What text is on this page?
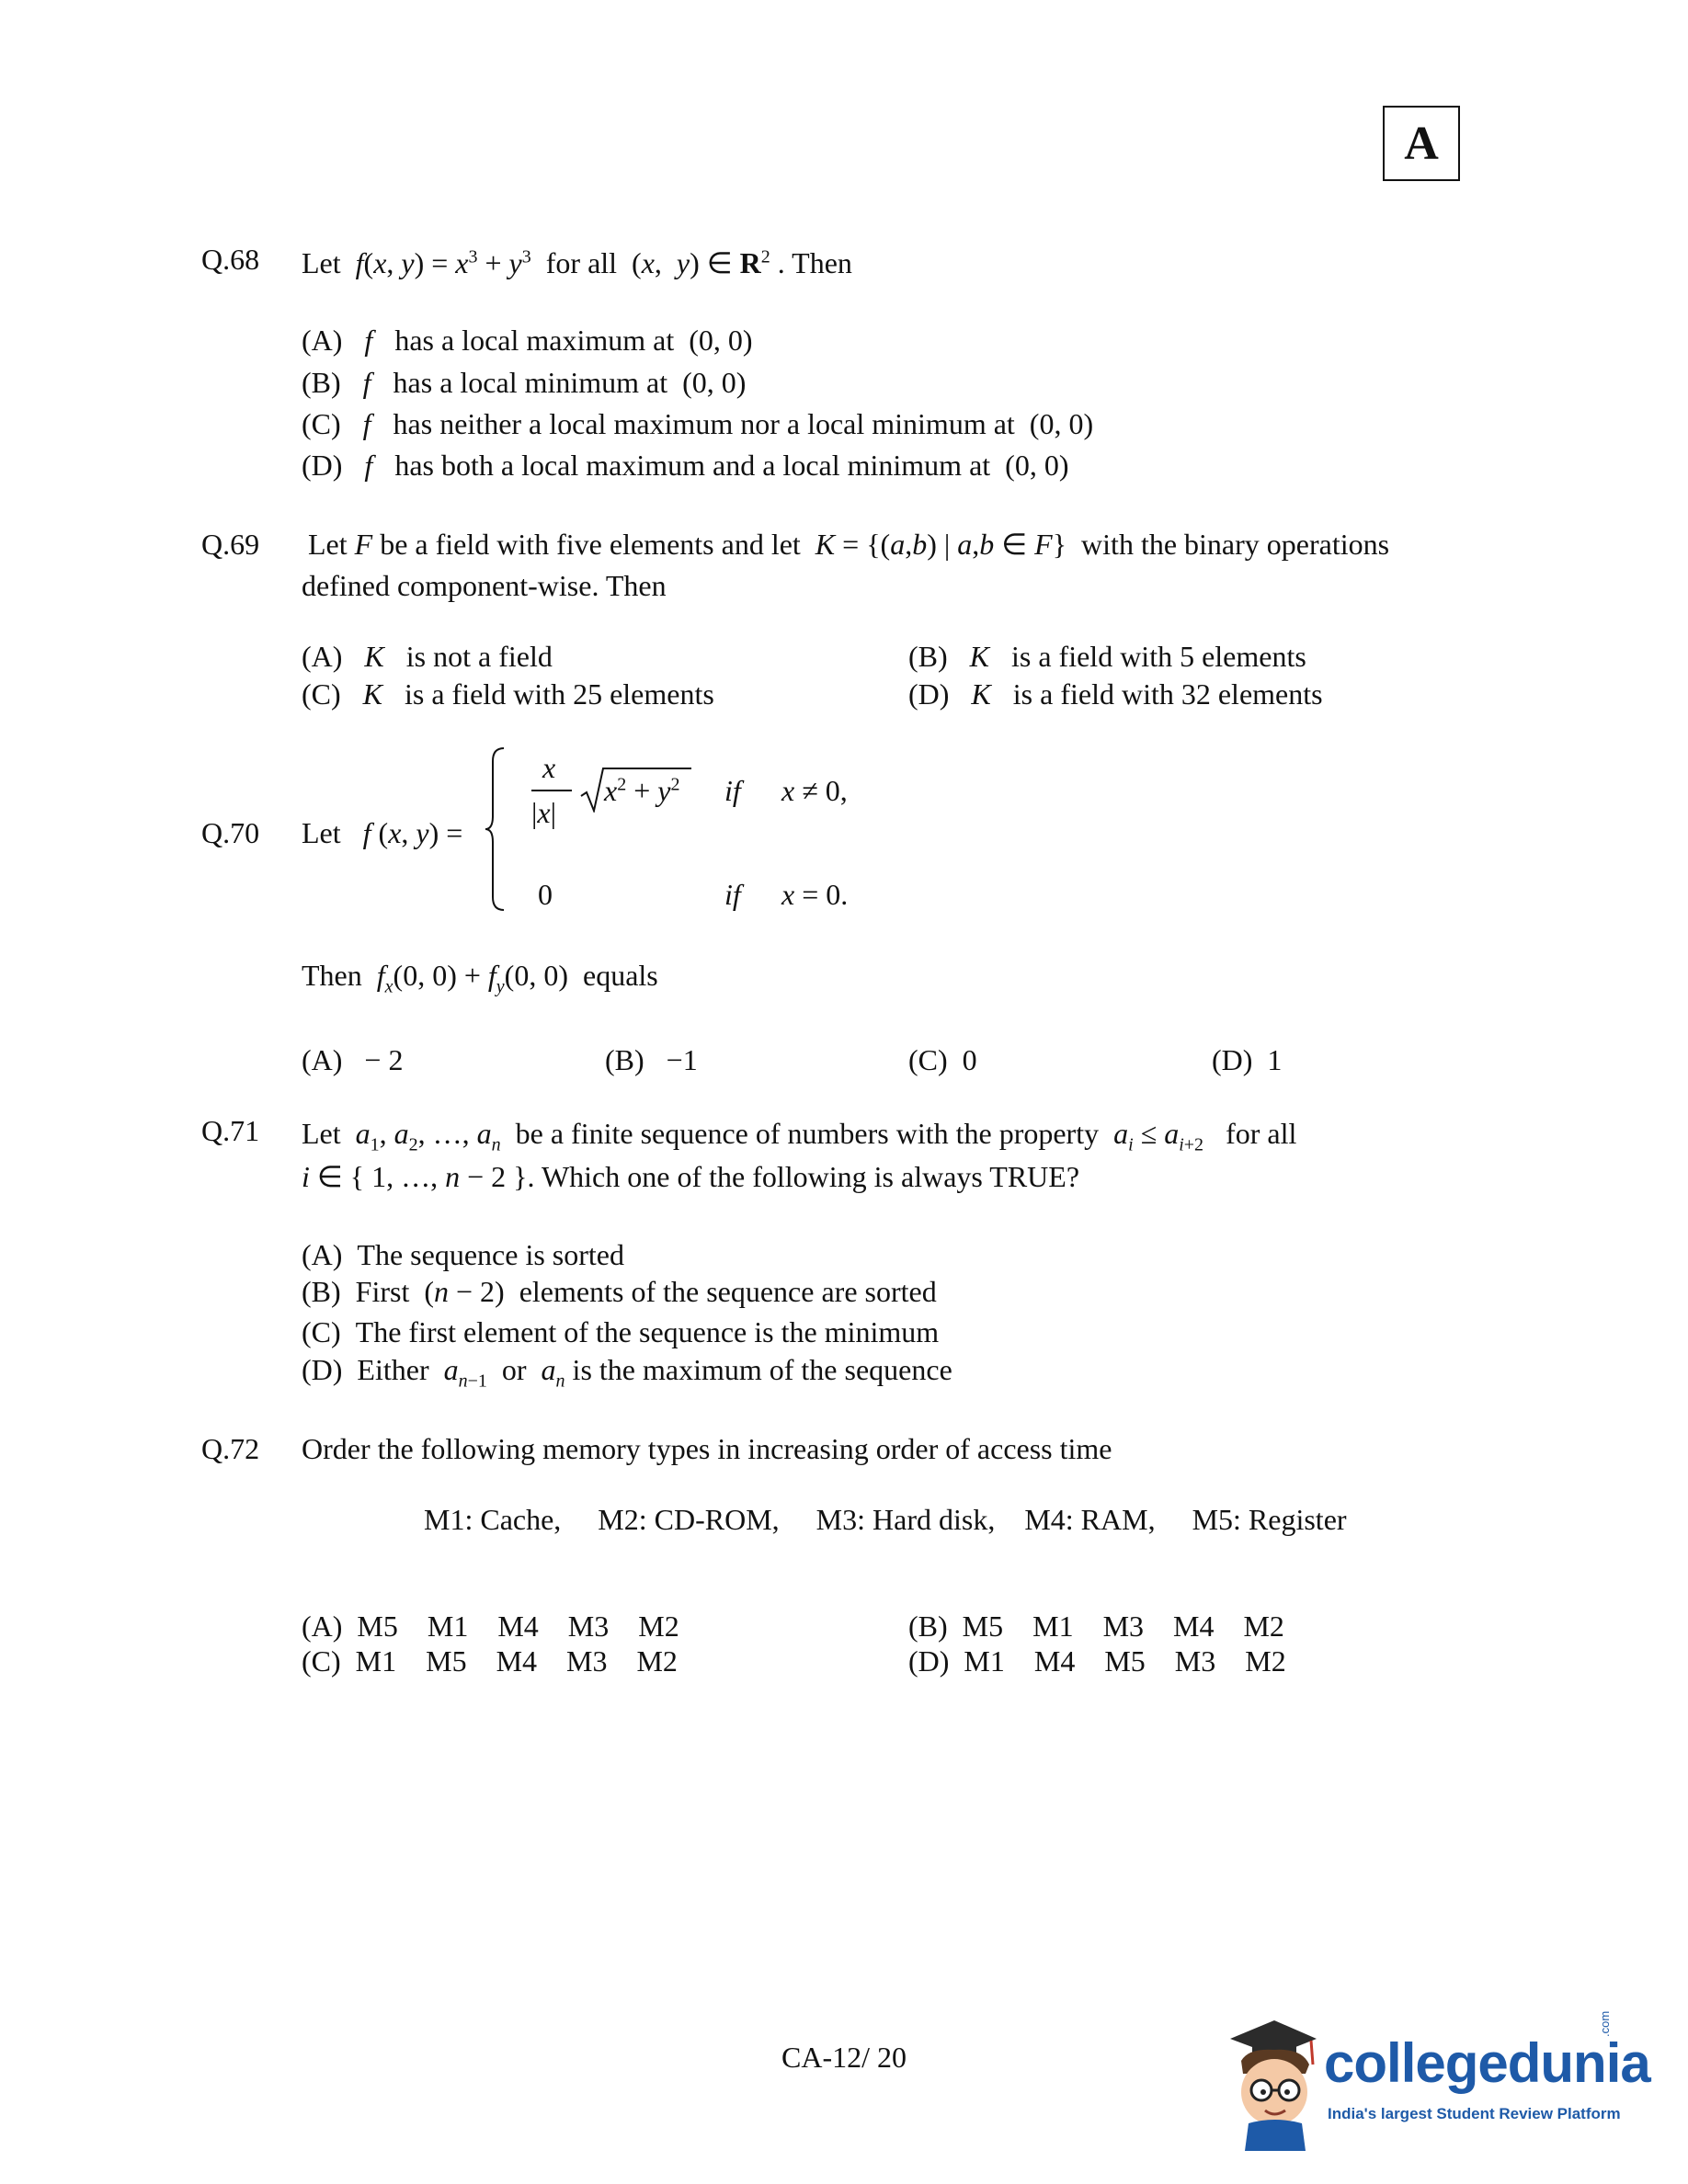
A
Q.68 Let  f(x, $y) = x^3 + y^3$  for all  (x,  y) ∈ $R^2$ . Then
(A)   f has a local maximum at  (0, 0)
(B)   f has a local minimum at  (0, 0)
(C)   f has neither a local maximum nor a local minimum at  (0, 0)
(D)   f has both a local maximum and a local minimum at  (0, 0)
Q.69 Let F be a field with five elements and let K = {(a,b) | a,b ∈ F}  with the binary operations
defined component-wise. Then
(A)   K is not a field	(B)   K is a field with 5 elements
(C)   K is a field with 25 elements	(D)   K is a field with 32 elements
Q.70 Let   f (x, y) =
x
|x|
$x^2 + y^2$ if x ≠ 0,
0	if x = 0.
Then $f_x(0$, $0) + f_y(0$, 0)  equals
(A)   − 2	(B)   −1	(C)  0	(D)  1
Q.71 Let  $a_1$, $a_2$, …, $a_n$ be a finite sequence of numbers with the property $a_i \le a_{i+2}$ for all
i ∈ { 1, …, n − 2 }. Which one of the following is always TRUE?
(A)  The sequence is sorted
(B)  First  (n − 2)  elements of the sequence are sorted
(C)  The first element of the sequence is the minimum
(D)  Either $a_{n-1}$ or $a_n$ is the maximum of the sequence
Q.72 Order the following memory types in increasing order of access time
M1: Cache,     M2: CD-ROM,     M3: Hard disk,    M4: RAM,     M5: Register
(A)  M5    M1    M4    M3    M2	(B)  M5    M1    M3    M4    M2
(C)  M1    M5    M4    M3    M2	(D)  M1    M4    M5    M3    M2
CA-12/ 20	collegedunia
.com
India's largest Student Review Platform
